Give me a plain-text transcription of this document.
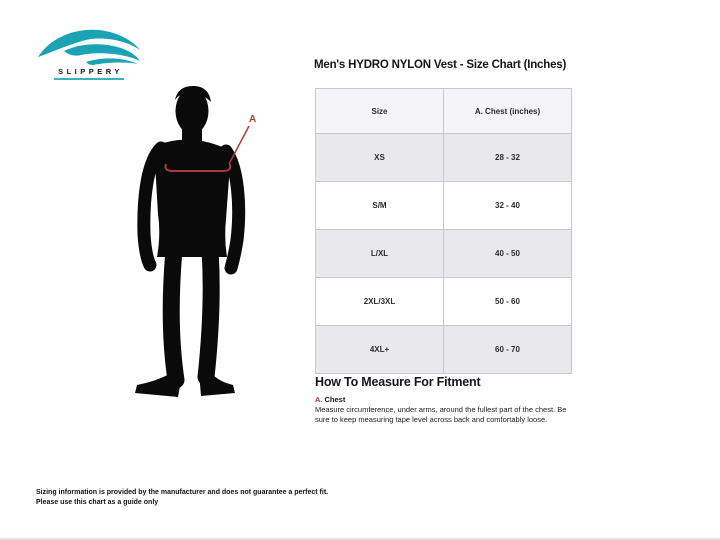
SLIPPERY
A
Men's HYDRO NYLON Vest - Size Chart (Inches)
Size	A. Chest (inches)
XS	28 - 32
S/M	32 - 40
L/XL	40 - 50
2XL/3XL	50 - 60
4XL+	60 - 70
How To Measure For Fitment
A. Chest
Measure circumference, under arms, around the fullest part of the chest. Be sure to keep measuring tape level across back and comfortably loose.
Sizing information is provided by the manufacturer and does not guarantee a perfect fit.
Please use this chart as a guide only
